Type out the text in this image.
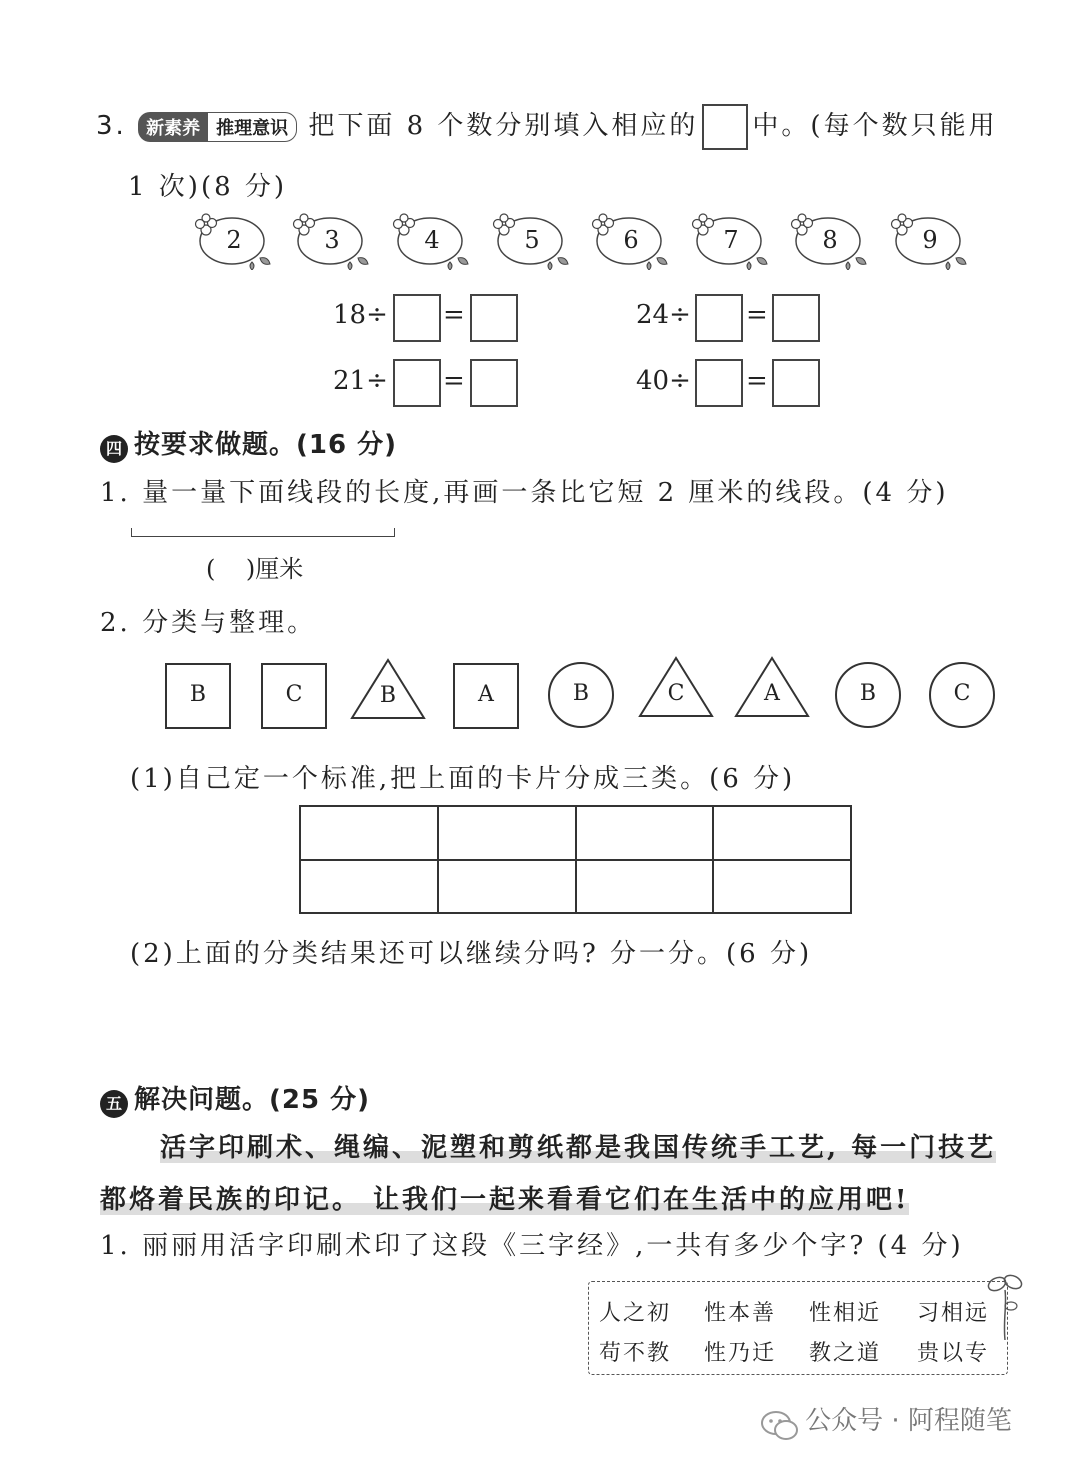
3. 新素养 推理意识 把下面 8 个数分别填入相应的 中。(每个数只能用
1 次)(8 分)
2	3	4	5	6	7	8	9
18÷ =	24÷ =
21÷ =	40÷ =
四 按要求做题。(16 分)
1. 量一量下面线段的长度,再画一条比它短 2 厘米的线段。(4 分)
(    )厘米
2. 分类与整理。
B	C	B	A	B	C	A	B	C
(1)自己定一个标准,把上面的卡片分成三类。(6 分)

(2)上面的分类结果还可以继续分吗? 分一分。(6 分)
五 解决问题。(25 分)
活字印刷术、绳编、泥塑和剪纸都是我国传统手工艺, 每一门技艺
都烙着民族的印记。 让我们一起来看看它们在生活中的应用吧!
1. 丽丽用活字印刷术印了这段《三字经》,一共有多少个字? (4 分)
人之初 性本善 性相近 习相远
苟不教 性乃迁 教之道 贵以专
公众号 · 阿程随笔
